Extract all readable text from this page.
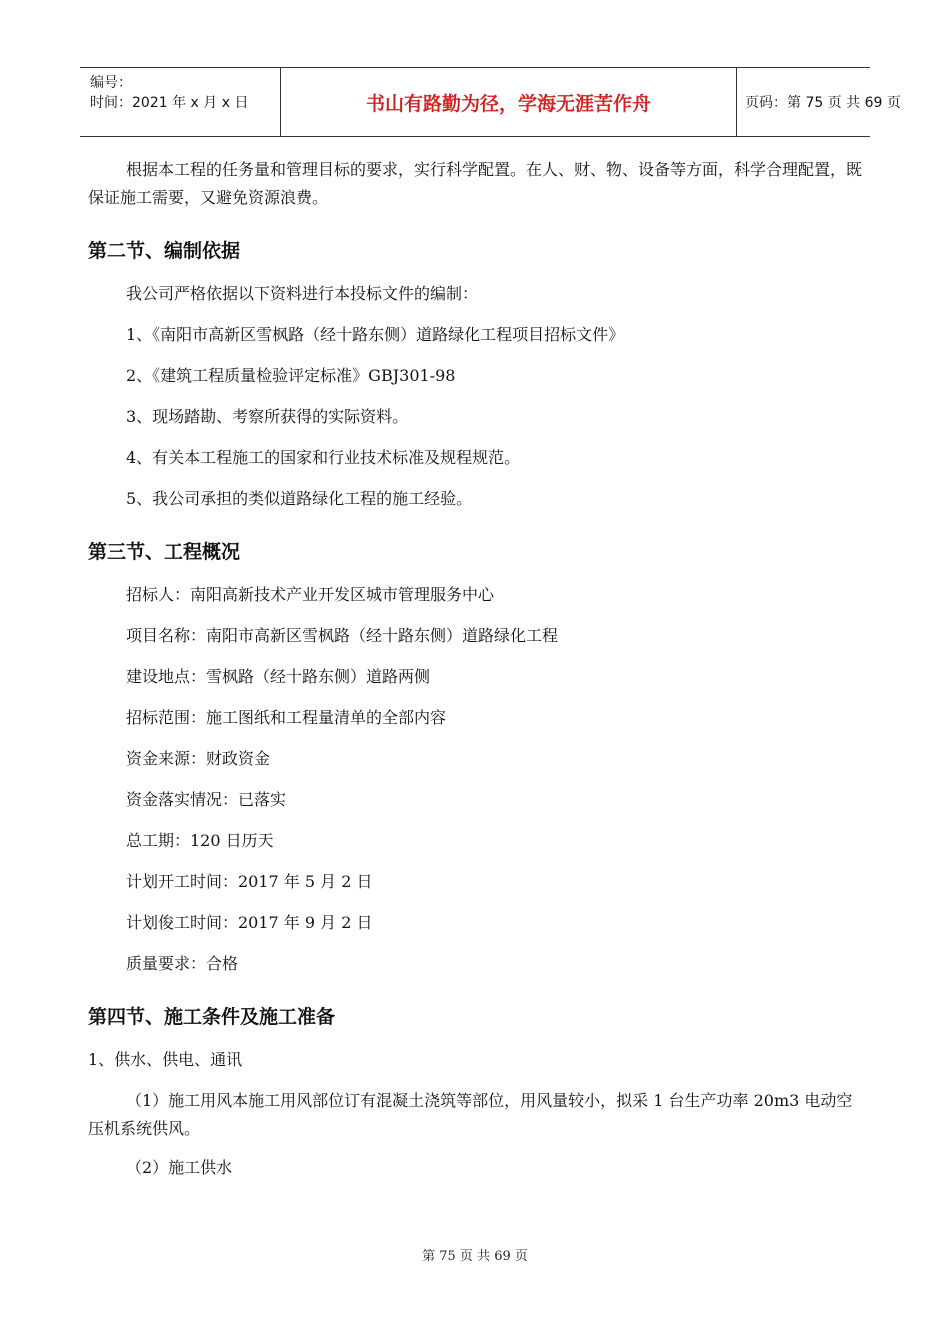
编号：
时间：2021 年 x 月 x 日	书山有路勤为径，学海无涯苦作舟	页码：第 75 页 共 69 页

根据本工程的任务量和管理目标的要求，实行科学配置。在人、财、物、设备等方面，科学合理配置，既保证施工需要，又避免资源浪费。

第二节、编制依据

我公司严格依据以下资料进行本投标文件的编制：

1、《南阳市高新区雪枫路（经十路东侧）道路绿化工程项目招标文件》

2、《建筑工程质量检验评定标准》GBJ301-98

3、现场踏勘、考察所获得的实际资料。

4、有关本工程施工的国家和行业技术标准及规程规范。

5、我公司承担的类似道路绿化工程的施工经验。

第三节、工程概况

招标人：南阳高新技术产业开发区城市管理服务中心

项目名称：南阳市高新区雪枫路（经十路东侧）道路绿化工程

建设地点：雪枫路（经十路东侧）道路两侧

招标范围：施工图纸和工程量清单的全部内容

资金来源：财政资金

资金落实情况：已落实

总工期：120 日历天

计划开工时间：2017 年 5 月 2 日

计划俊工时间：2017 年 9 月 2 日

质量要求：合格

第四节、施工条件及施工准备

1、供水、供电、通讯

（1）施工用风本施工用风部位订有混凝土浇筑等部位，用风量较小，拟采 1 台生产功率 20m3 电动空压机系统供风。

（2）施工供水

第 75 页 共 69 页
